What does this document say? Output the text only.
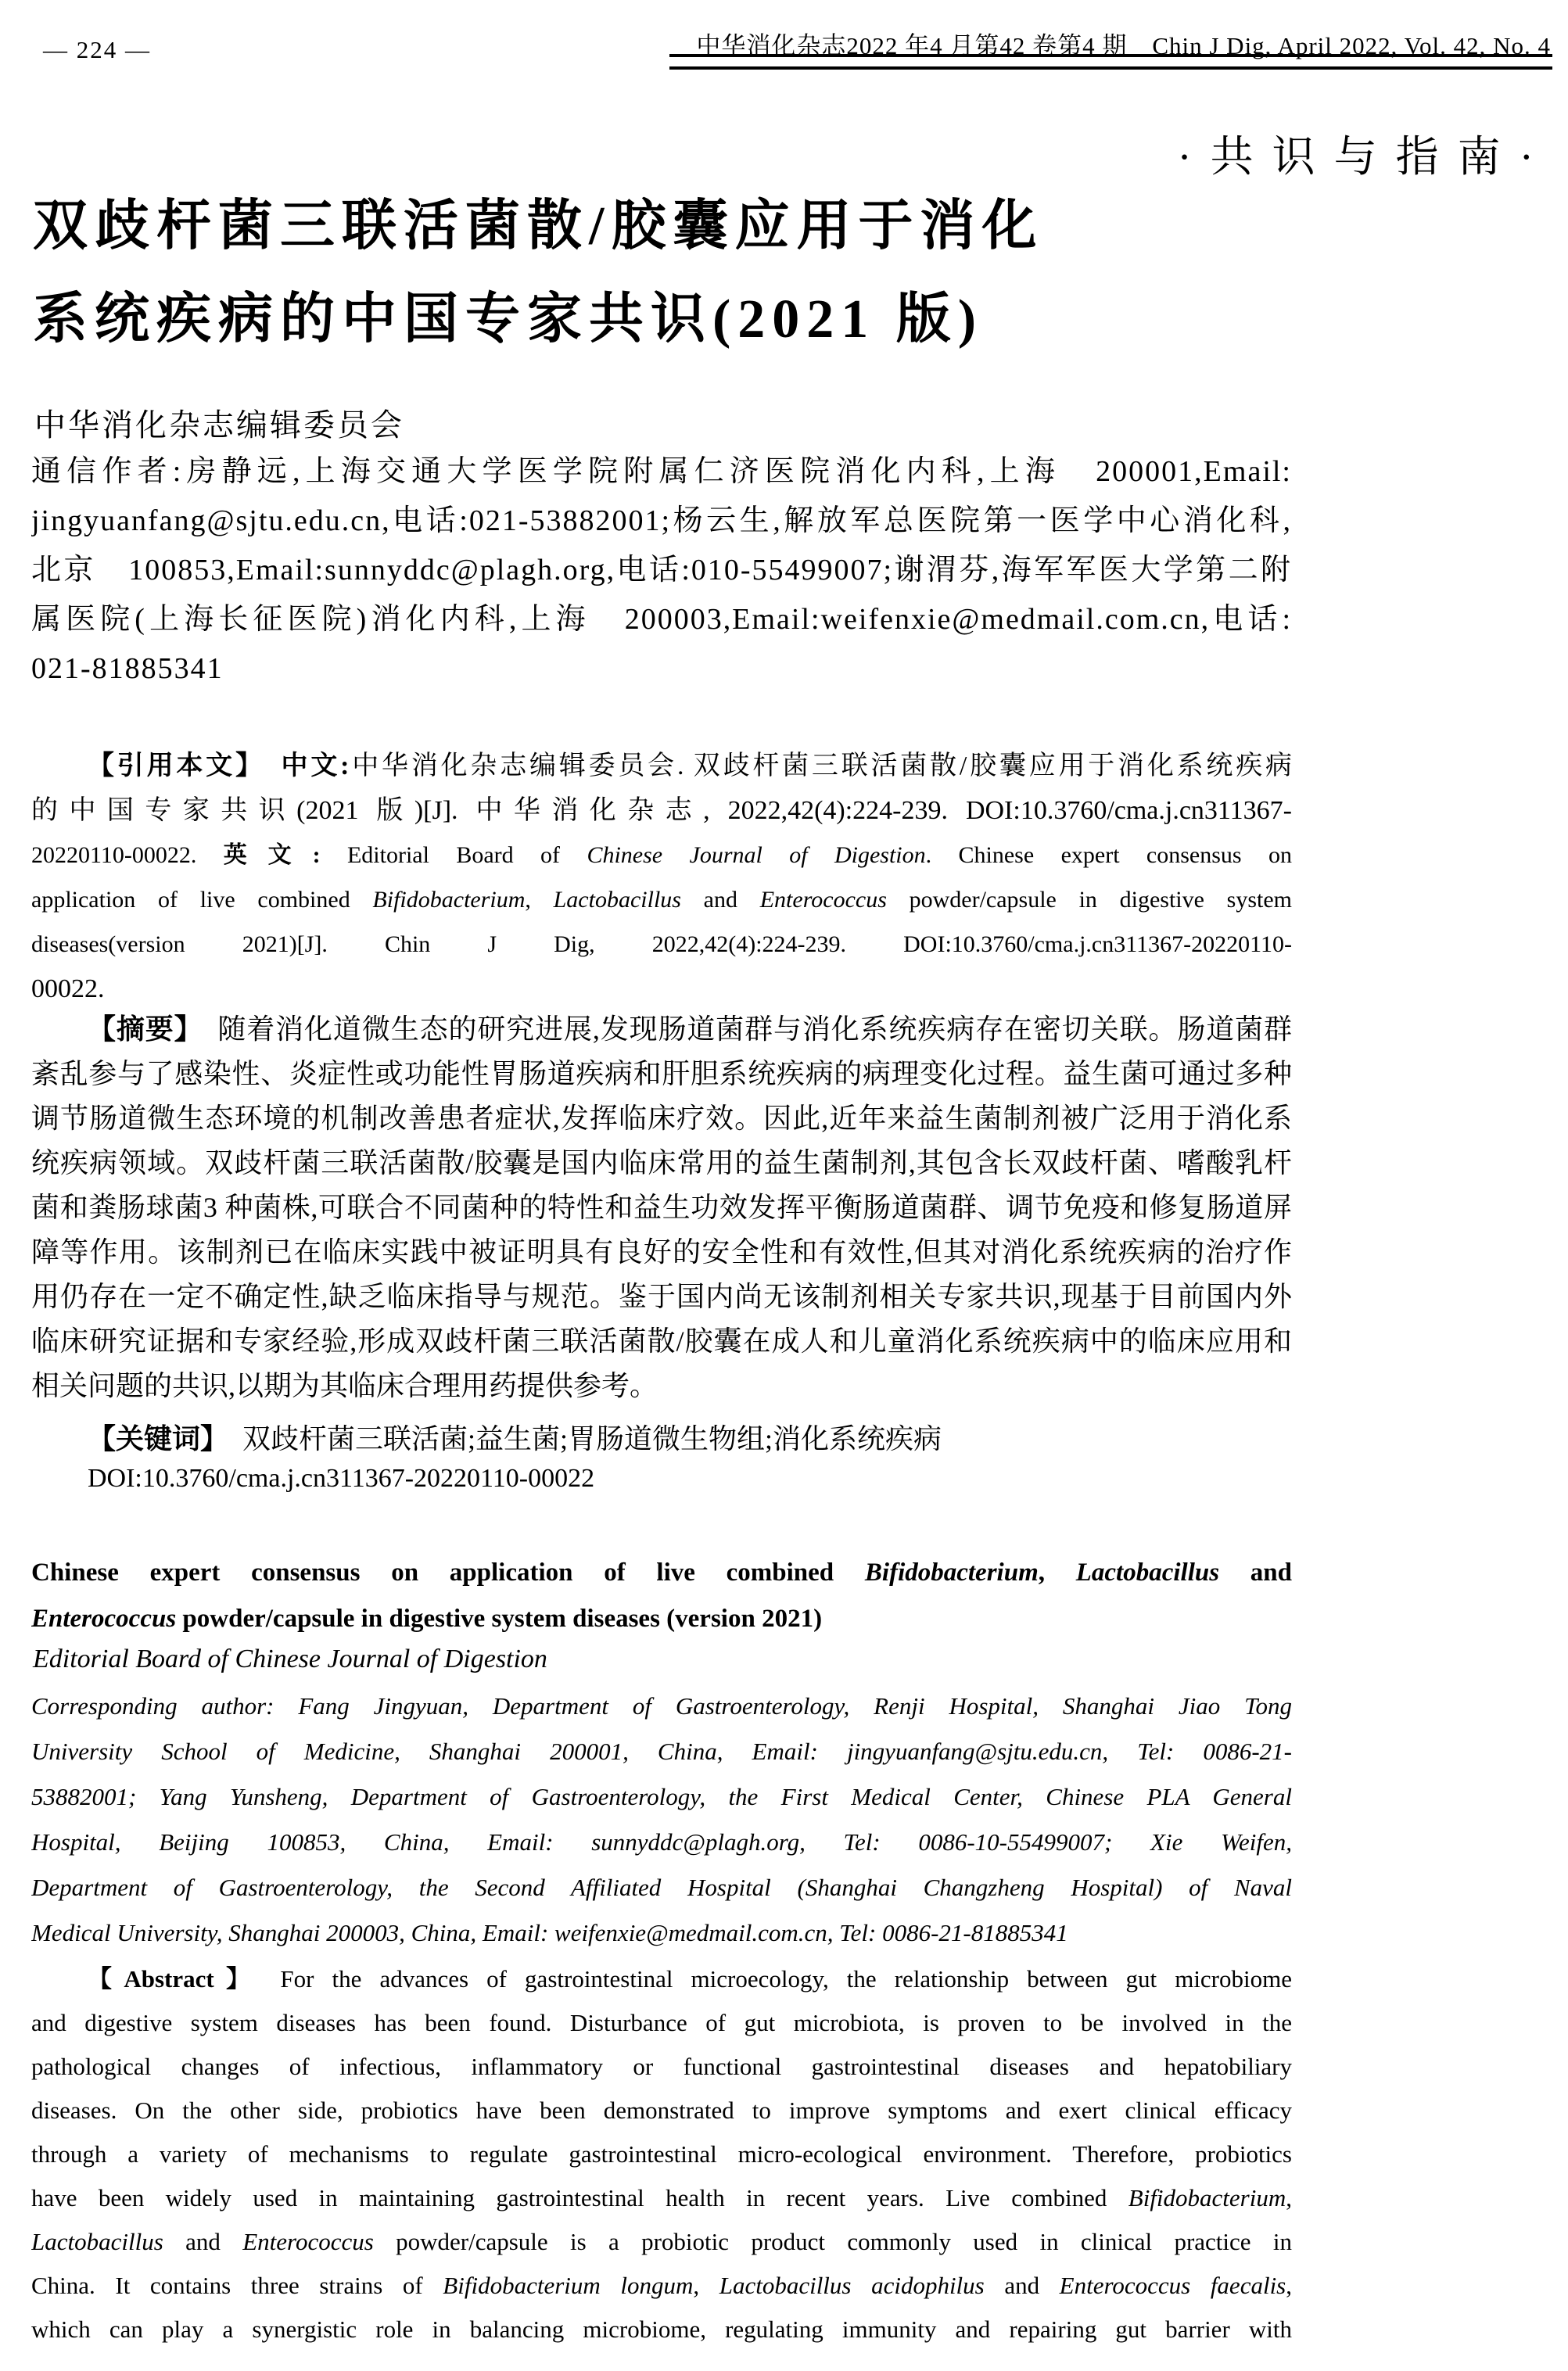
— 224 —	中华消化杂志2022 年4 月第42 卷第4 期　Chin J Dig, April 2022, Vol. 42, No. 4
·共识与指南·
双歧杆菌三联活菌散/胶囊应用于消化
系统疾病的中国专家共识(2021 版)
中华消化杂志编辑委员会
通信作者:房静远,上海交通大学医学院附属仁济医院消化内科,上海　200001,Email:
jingyuanfang@sjtu.edu.cn,电话:021-53882001;杨云生,解放军总医院第一医学中心消化科,
北京　100853,Email:sunnyddc@plagh.org,电话:010-55499007;谢渭芬,海军军医大学第二附
属医院(上海长征医院)消化内科,上海　200003,Email:weifenxie@medmail.com.cn,电话:
021-81885341
【引用本文】　 中文:中华消化杂志编辑委员会. 双歧杆菌三联活菌散/胶囊应用于消化系统疾病
的中国专家共识(2021 版)[J]. 中华消化杂志, 2022,42(4):224-239. DOI:10.3760/cma.j.cn311367-
20220110-00022. 英文: Editorial Board of Chinese Journal of Digestion. Chinese expert consensus on
application of live combined Bifidobacterium, Lactobacillus and Enterococcus powder/capsule in digestive system
diseases(version 2021)[J]. Chin J Dig, 2022,42(4):224-239. DOI:10.3760/cma.j.cn311367-20220110-
00022.
【摘要】　随着消化道微生态的研究进展,发现肠道菌群与消化系统疾病存在密切关联。肠道菌群
紊乱参与了感染性、炎症性或功能性胃肠道疾病和肝胆系统疾病的病理变化过程。益生菌可通过多种
调节肠道微生态环境的机制改善患者症状,发挥临床疗效。因此,近年来益生菌制剂被广泛用于消化系
统疾病领域。双歧杆菌三联活菌散/胶囊是国内临床常用的益生菌制剂,其包含长双歧杆菌、嗜酸乳杆
菌和粪肠球菌3 种菌株,可联合不同菌种的特性和益生功效发挥平衡肠道菌群、调节免疫和修复肠道屏
障等作用。该制剂已在临床实践中被证明具有良好的安全性和有效性,但其对消化系统疾病的治疗作
用仍存在一定不确定性,缺乏临床指导与规范。鉴于国内尚无该制剂相关专家共识,现基于目前国内外
临床研究证据和专家经验,形成双歧杆菌三联活菌散/胶囊在成人和儿童消化系统疾病中的临床应用和
相关问题的共识,以期为其临床合理用药提供参考。
【关键词】　双歧杆菌三联活菌;益生菌;胃肠道微生物组;消化系统疾病
DOI:10.3760/cma.j.cn311367-20220110-00022
Chinese expert consensus on application of live combined Bifidobacterium, Lactobacillus and
Enterococcus powder/capsule in digestive system diseases (version 2021)
Editorial Board of Chinese Journal of Digestion
Corresponding author: Fang Jingyuan, Department of Gastroenterology, Renji Hospital, Shanghai Jiao Tong
University School of Medicine, Shanghai 200001, China, Email: jingyuanfang@sjtu.edu.cn, Tel: 0086-21-
53882001; Yang Yunsheng, Department of Gastroenterology, the First Medical Center, Chinese PLA General
Hospital, Beijing 100853, China, Email: sunnyddc@plagh.org, Tel: 0086-10-55499007; Xie Weifen,
Department of Gastroenterology, the Second Affiliated Hospital (Shanghai Changzheng Hospital) of Naval
Medical University, Shanghai 200003, China, Email: weifenxie@medmail.com.cn, Tel: 0086-21-81885341
【Abstract】 For the advances of gastrointestinal microecology, the relationship between gut microbiome
and digestive system diseases has been found. Disturbance of gut microbiota, is proven to be involved in the
pathological changes of infectious, inflammatory or functional gastrointestinal diseases and hepatobiliary
diseases. On the other side, probiotics have been demonstrated to improve symptoms and exert clinical efficacy
through a variety of mechanisms to regulate gastrointestinal micro-ecological environment. Therefore, probiotics
have been widely used in maintaining gastrointestinal health in recent years. Live combined Bifidobacterium,
Lactobacillus and Enterococcus powder/capsule is a probiotic product commonly used in clinical practice in
China. It contains three strains of Bifidobacterium longum, Lactobacillus acidophilus and Enterococcus faecalis,
which can play a synergistic role in balancing microbiome, regulating immunity and repairing gut barrier with
